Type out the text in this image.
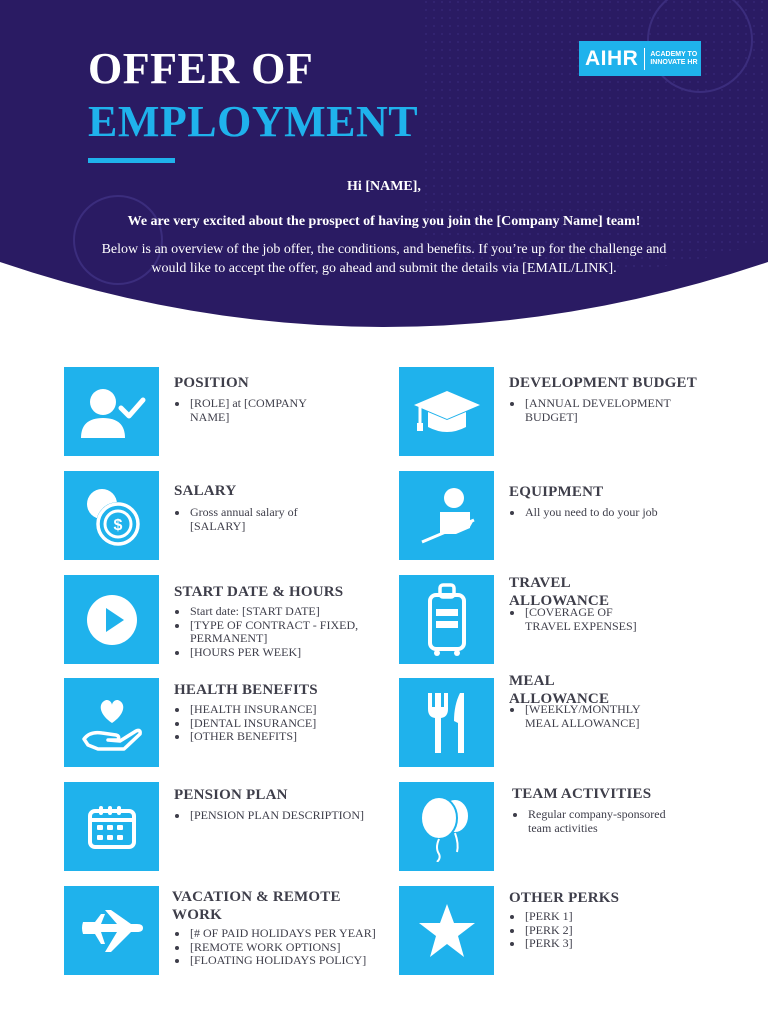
OFFER OF
EMPLOYMENT
AIHR ACADEMY TO
INNOVATE HR
Hi [NAME],
We are very excited about the prospect of having you join the [Company Name] team!
Below is an overview of the job offer, the conditions, and benefits. If you’re up for the challenge and would like to accept the offer, go ahead and submit the details via [EMAIL/LINK].
POSITION
[ROLE] at [COMPANY NAME]
$
SALARY
Gross annual salary of [SALARY]
START DATE & HOURS
Start date: [START DATE]
[TYPE OF CONTRACT - FIXED, PERMANENT]
[HOURS PER WEEK]
HEALTH BENEFITS
[HEALTH INSURANCE]
[DENTAL INSURANCE]
[OTHER BENEFITS]
PENSION PLAN
[PENSION PLAN DESCRIPTION]
VACATION & REMOTE WORK
[# OF PAID HOLIDAYS PER YEAR]
[REMOTE WORK OPTIONS]
[FLOATING HOLIDAYS POLICY]
DEVELOPMENT BUDGET
[ANNUAL DEVELOPMENT BUDGET]
EQUIPMENT
All you need to do your job
TRAVEL ALLOWANCE
[COVERAGE OF TRAVEL EXPENSES]
MEAL ALLOWANCE
[WEEKLY/MONTHLY MEAL ALLOWANCE]
TEAM ACTIVITIES
Regular company-sponsored team activities
OTHER PERKS
[PERK 1]
[PERK 2]
[PERK 3]
